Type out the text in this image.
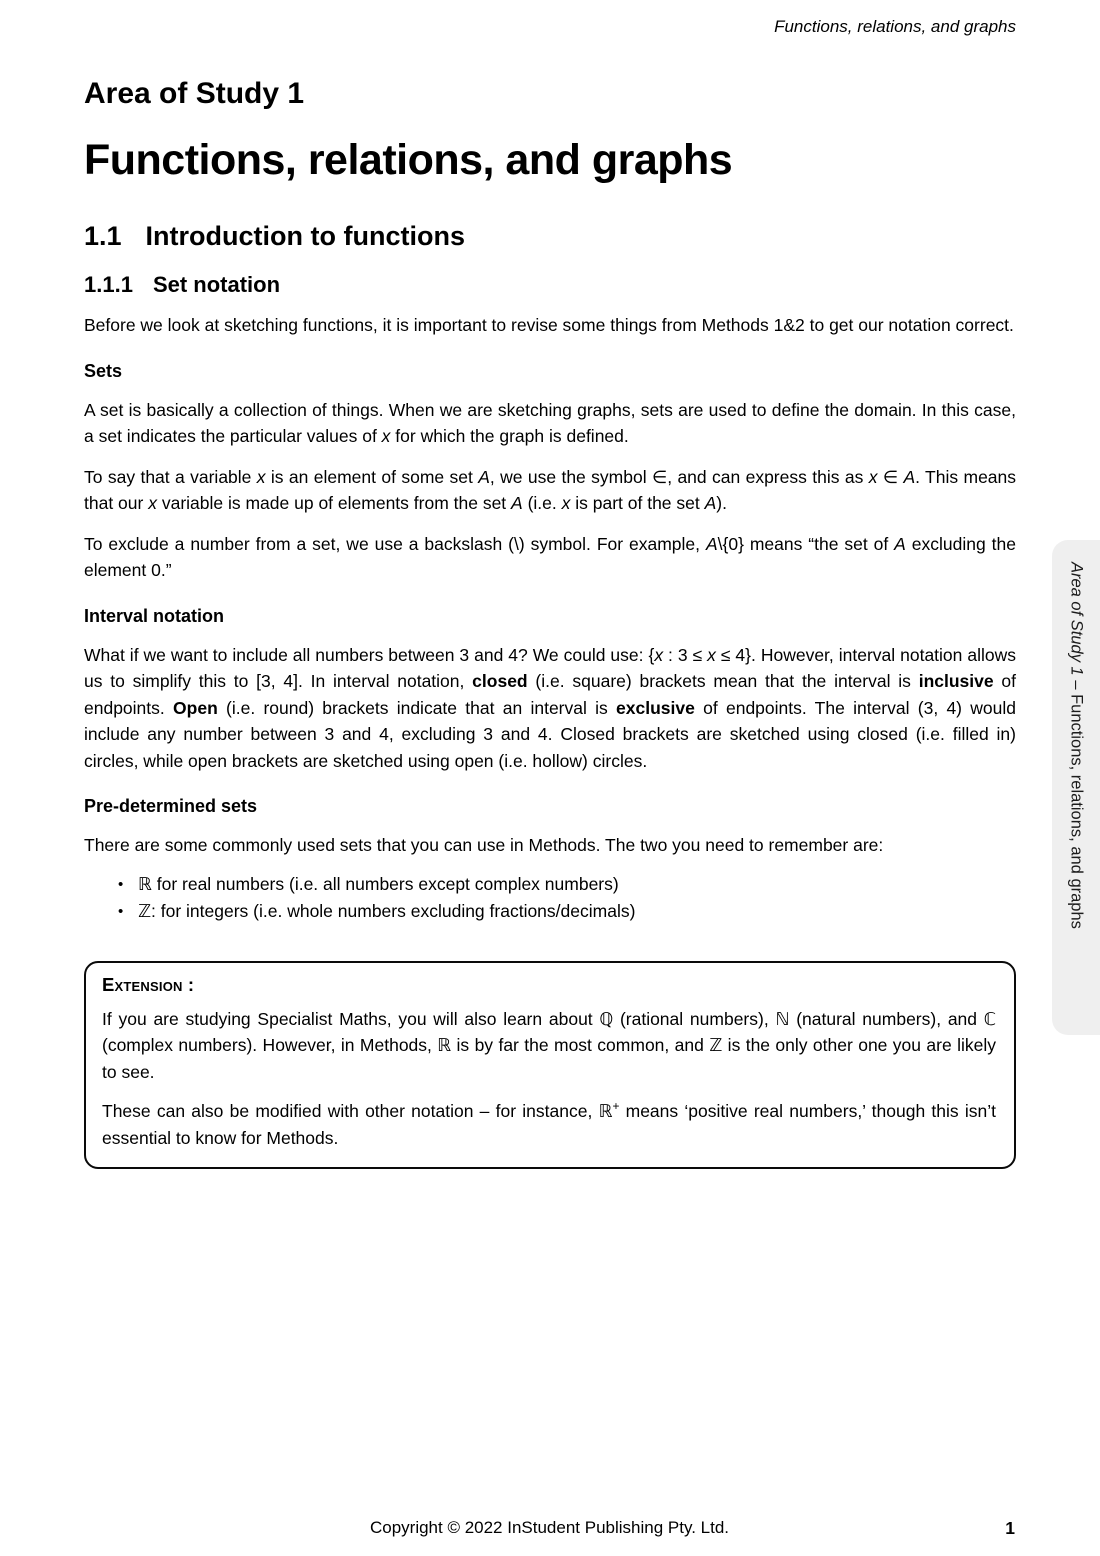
Functions, relations, and graphs
Area of Study 1
Functions, relations, and graphs
1.1 Introduction to functions
1.1.1 Set notation

Before we look at sketching functions, it is important to revise some things from Methods 1&2 to get our notation correct.

Sets

A set is basically a collection of things. When we are sketching graphs, sets are used to define the domain. In this case, a set indicates the particular values of x for which the graph is defined.

To say that a variable x is an element of some set A, we use the symbol ∈, and can express this as x ∈ A. This means that our x variable is made up of elements from the set A (i.e. x is part of the set A).

To exclude a number from a set, we use a backslash (\) symbol. For example, A\{0} means “the set of A excluding the element 0.”

Interval notation

What if we want to include all numbers between 3 and 4? We could use: {x : 3 ≤ x ≤ 4}. However, interval notation allows us to simplify this to [3, 4]. In interval notation, closed (i.e. square) brackets mean that the interval is inclusive of endpoints. Open (i.e. round) brackets indicate that an interval is exclusive of endpoints. The interval (3, 4) would include any number between 3 and 4, excluding 3 and 4. Closed brackets are sketched using closed (i.e. filled in) circles, while open brackets are sketched using open (i.e. hollow) circles.

Pre-determined sets

There are some commonly used sets that you can use in Methods. The two you need to remember are:

• ℝ for real numbers (i.e. all numbers except complex numbers)
• ℤ: for integers (i.e. whole numbers excluding fractions/decimals)
Extension :

If you are studying Specialist Maths, you will also learn about ℚ (rational numbers), ℕ (natural numbers), and ℂ (complex numbers). However, in Methods, ℝ is by far the most common, and ℤ is the only other one you are likely to see.

These can also be modified with other notation – for instance, ℝ+ means ‘positive real numbers,’ though this isn’t essential to know for Methods.

Area of Study 1 – Functions, relations, and graphs
Copyright © 2022 InStudent Publishing Pty. Ltd.	1
